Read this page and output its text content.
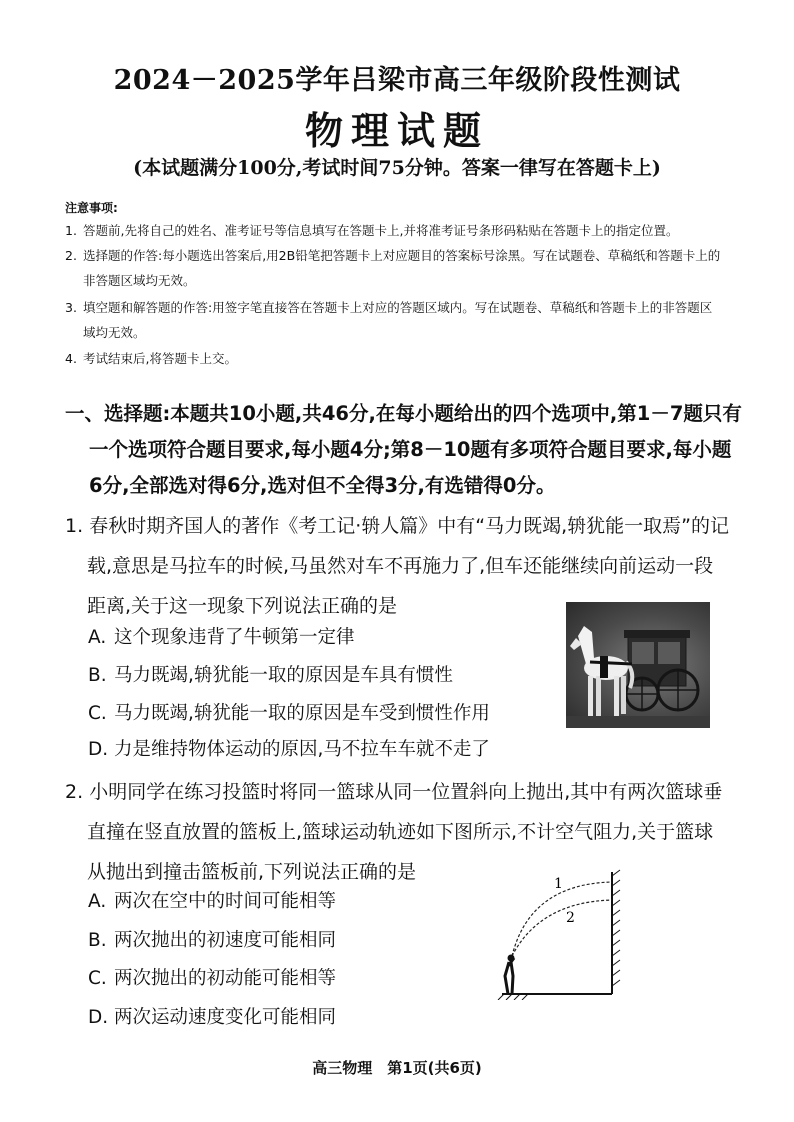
2024－2025学年吕梁市高三年级阶段性测试
物理试题
(本试题满分100分,考试时间75分钟。答案一律写在答题卡上)
注意事项:
1. 答题前,先将自己的姓名、准考证号等信息填写在答题卡上,并将准考证号条形码粘贴在答题卡上的指定位置。
2. 选择题的作答:每小题选出答案后,用2B铅笔把答题卡上对应题目的答案标号涂黑。写在试题卷、草稿纸和答题卡上的
非答题区域均无效。
3. 填空题和解答题的作答:用签字笔直接答在答题卡上对应的答题区域内。写在试题卷、草稿纸和答题卡上的非答题区
域均无效。
4. 考试结束后,将答题卡上交。
一、选择题:本题共10小题,共46分,在每小题给出的四个选项中,第1－7题只有
一个选项符合题目要求,每小题4分;第8－10题有多项符合题目要求,每小题
6分,全部选对得6分,选对但不全得3分,有选错得0分。
1. 春秋时期齐国人的著作《考工记·辀人篇》中有“马力既竭,辀犹能一取焉”的记
载,意思是马拉车的时候,马虽然对车不再施力了,但车还能继续向前运动一段
距离,关于这一现象下列说法正确的是
A. 这个现象违背了牛顿第一定律
B. 马力既竭,辀犹能一取的原因是车具有惯性
C. 马力既竭,辀犹能一取的原因是车受到惯性作用
D. 力是维持物体运动的原因,马不拉车车就不走了
2. 小明同学在练习投篮时将同一篮球从同一位置斜向上抛出,其中有两次篮球垂
直撞在竖直放置的篮板上,篮球运动轨迹如下图所示,不计空气阻力,关于篮球
从抛出到撞击篮板前,下列说法正确的是
A. 两次在空中的时间可能相等
B. 两次抛出的初速度可能相同
C. 两次抛出的初动能可能相等
D. 两次运动速度变化可能相同
1
2
高三物理　第1页(共6页)
